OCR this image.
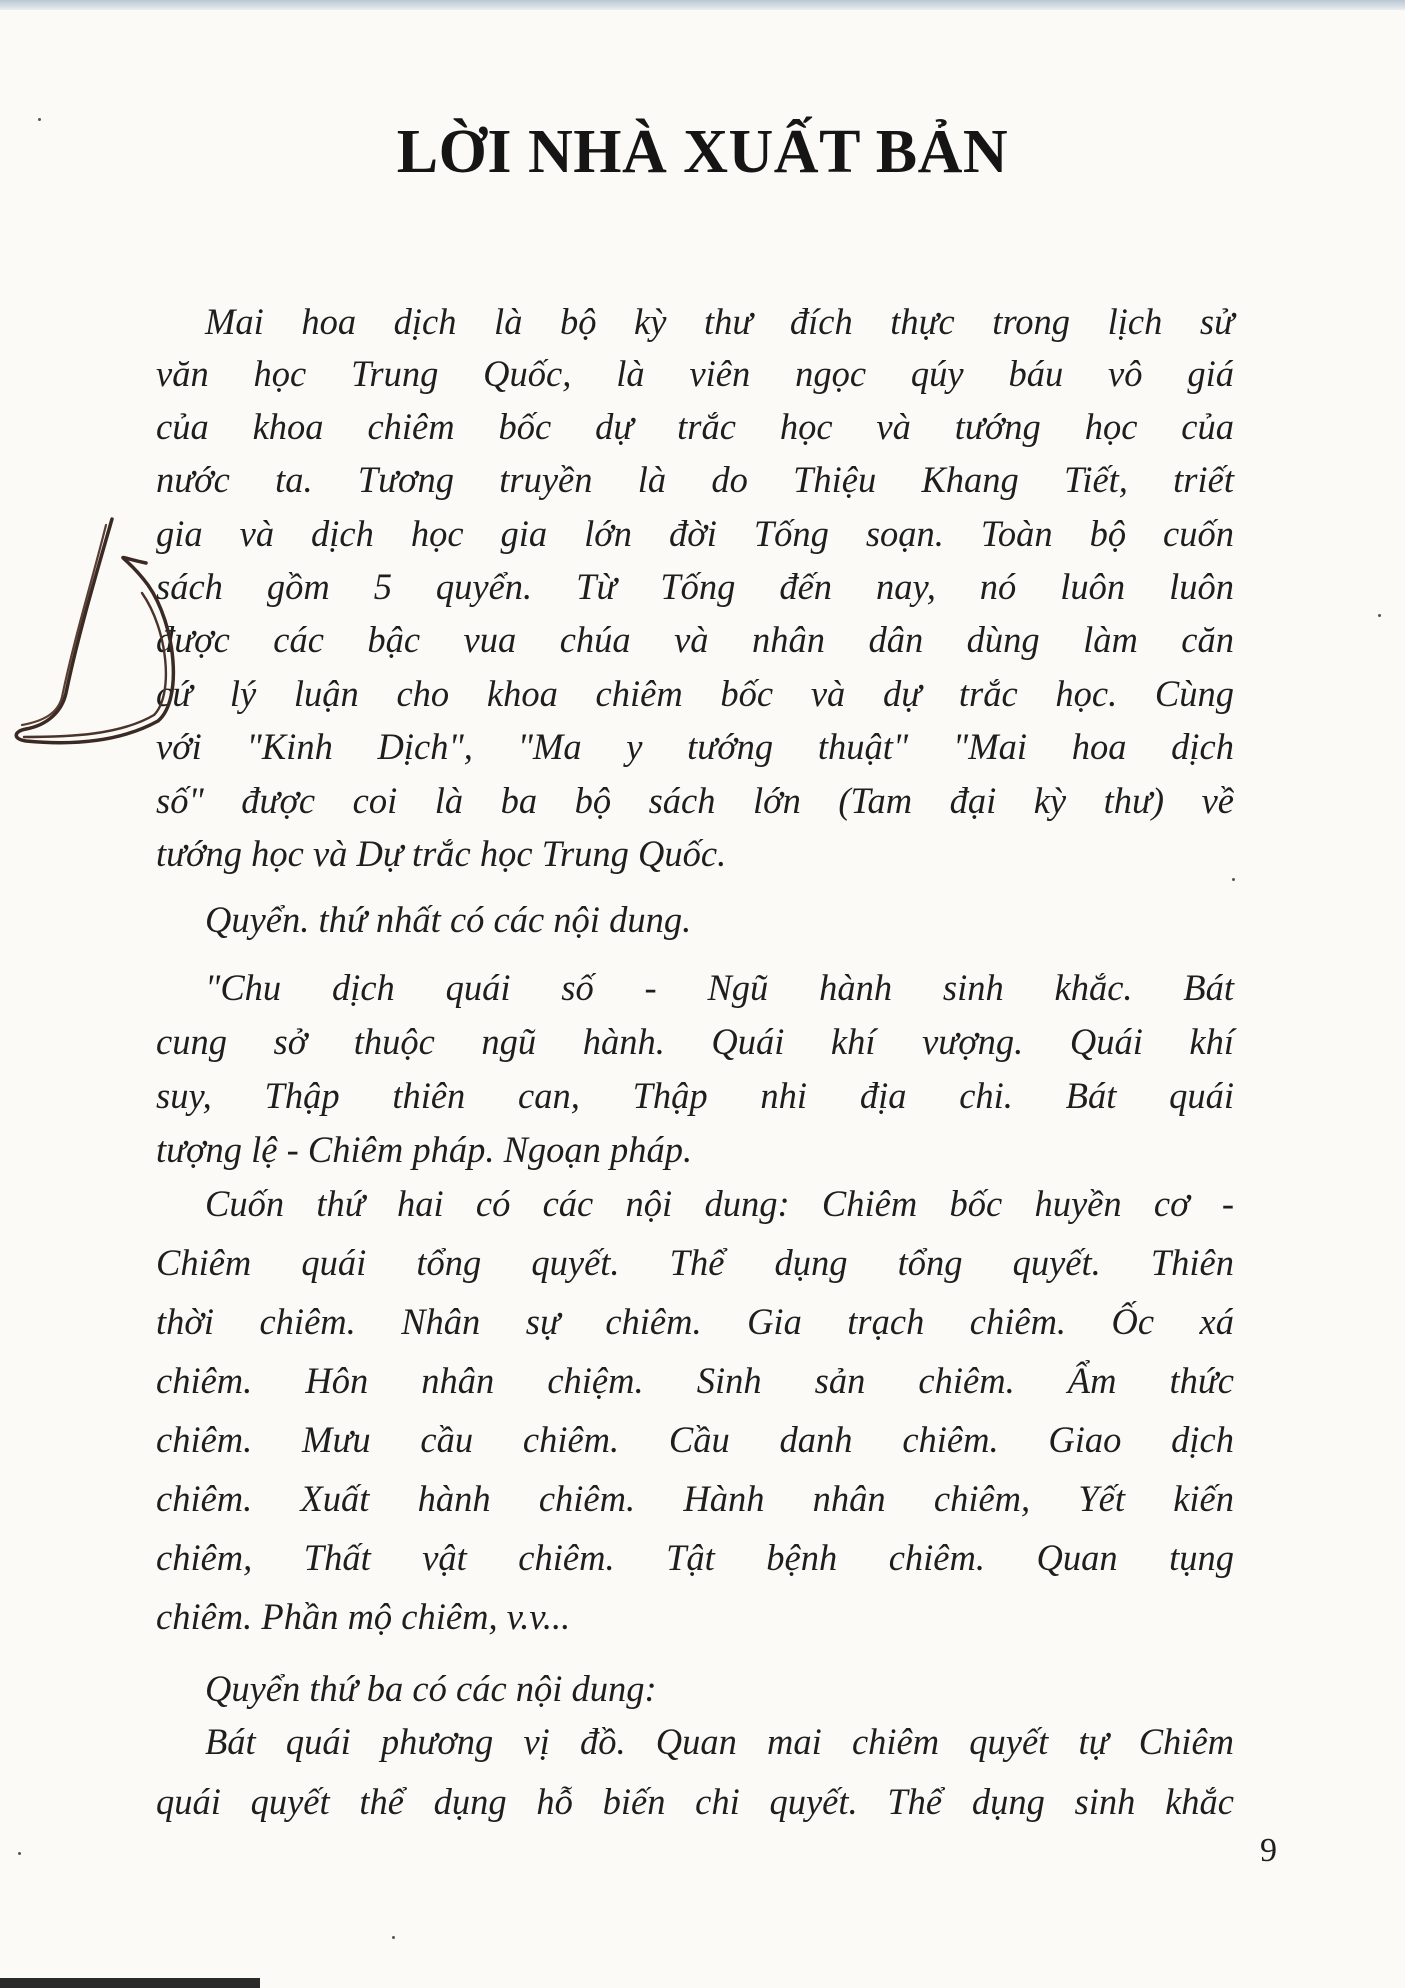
LỜI NHÀ XUẤT BẢN

Mai hoa dịch là bộ kỳ thư đích thực trong lịch sử

văn học Trung Quốc, là viên ngọc qúy báu vô giá

của khoa chiêm bốc dự trắc học và tướng học của

nước ta. Tương truyền là do Thiệu Khang Tiết, triết

gia và dịch học gia lớn đời Tống soạn. Toàn bộ cuốn

sách gồm 5 quyển. Từ Tống đến nay, nó luôn luôn

được các bậc vua chúa và nhân dân dùng làm căn

cứ lý luận cho khoa chiêm bốc và dự trắc học. Cùng

với "Kinh Dịch", "Ma y tướng thuật" "Mai hoa dịch

số" được coi là ba bộ sách lớn (Tam đại kỳ thư) về

tướng học và Dự trắc học Trung Quốc.

Quyển. thứ nhất có các nội dung.

"Chu dịch quái số - Ngũ hành sinh khắc. Bát

cung sở thuộc ngũ hành. Quái khí vượng. Quái khí

suy, Thập thiên can, Thập nhi địa chi. Bát quái

tượng lệ - Chiêm pháp. Ngoạn pháp.

Cuốn thứ hai có các nội dung: Chiêm bốc huyền cơ -

Chiêm quái tổng quyết. Thể dụng tổng quyết. Thiên

thời chiêm. Nhân sự chiêm. Gia trạch chiêm. Ốc xá

chiêm. Hôn nhân chiệm. Sinh sản chiêm. Ẩm thức

chiêm. Mưu cầu chiêm. Cầu danh chiêm. Giao dịch

chiêm. Xuất hành chiêm. Hành nhân chiêm, Yết kiến

chiêm, Thất vật chiêm. Tật bệnh chiêm. Quan tụng

chiêm. Phần mộ chiêm, v.v...

Quyển thứ ba có các nội dung:

Bát quái phương vị đồ. Quan mai chiêm quyết tự Chiêm

quái quyết thể dụng hỗ biến chi quyết. Thể dụng sinh khắc

9
